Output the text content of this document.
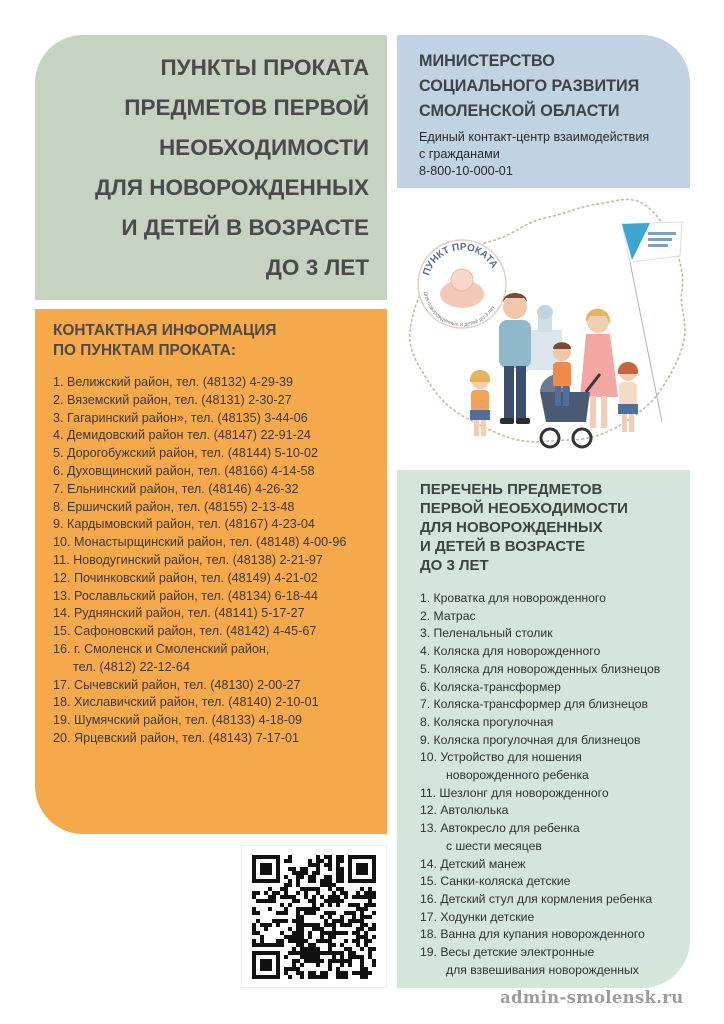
ПУНКТЫ ПРОКАТА
ПРЕДМЕТОВ ПЕРВОЙ
НЕОБХОДИМОСТИ
ДЛЯ НОВОРОЖДЕННЫХ
И ДЕТЕЙ В ВОЗРАСТЕ
ДО 3 ЛЕТ
МИНИСТЕРСТВО
СОЦИАЛЬНОГО РАЗВИТИЯ
СМОЛЕНСКОЙ ОБЛАСТИ
Единый контакт-центр взаимодействия
с гражданами
8-800-10-000-01
КОНТАКТНАЯ ИНФОРМАЦИЯ
ПО ПУНКТАМ ПРОКАТА:
1. Велижский район, тел. (48132) 4-29-39
2. Вяземский район, тел. (48131) 2-30-27
3. Гагаринский район», тел. (48135) 3-44-06
4. Демидовский район тел. (48147) 22-91-24
5. Дорогобужский район, тел. (48144) 5-10-02
6. Духовщинский район, тел. (48166) 4-14-58
7. Ельнинский район, тел. (48146) 4-26-32
8. Ершичский район, тел. (48155) 2-13-48
9. Кардымовский район, тел. (48167) 4-23-04
10. Монастырщинский район, тел. (48148) 4-00-96
11. Новодугинский район, тел. (48138) 2-21-97
12. Починковский район, тел. (48149) 4-21-02
13. Рославльский район, тел. (48134) 6-18-44
14. Руднянский район, тел. (48141) 5-17-27
15. Сафоновский район, тел. (48142) 4-45-67
16. г. Смоленск и Смоленский район,
тел. (4812) 22-12-64
17. Сычевский район, тел. (48130) 2-00-27
18. Хиславичский район, тел. (48140) 2-10-01
19. Шумячский район, тел. (48133) 4-18-09
20. Ярцевский район, тел. (48143) 7-17-01
ПУНКТ ПРОКАТА
для новорожденных и детей до 3 лет
ПЕРЕЧЕНЬ ПРЕДМЕТОВ
ПЕРВОЙ НЕОБХОДИМОСТИ
ДЛЯ НОВОРОЖДЕННЫХ
И ДЕТЕЙ В ВОЗРАСТЕ
ДО 3 ЛЕТ
1. Кроватка для новорожденного
2. Матрас
3. Пеленальный столик
4. Коляска для новорожденного
5. Коляска для новорожденных близнецов
6. Коляска-трансформер
7. Коляска-трансформер для близнецов
8. Коляска прогулочная
9. Коляска прогулочная для близнецов
10. Устройство для ношения
новорожденного ребенка
11. Шезлонг для новорожденного
12. Автолюлька
13. Автокресло для ребенка
с шести месяцев
14. Детский манеж
15. Санки-коляска детские
16. Детский стул для кормления ребенка
17. Ходунки детские
18. Ванна для купания новорожденного
19. Весы детские электронные
для взвешивания новорожденных
admin-smolensk.ru
